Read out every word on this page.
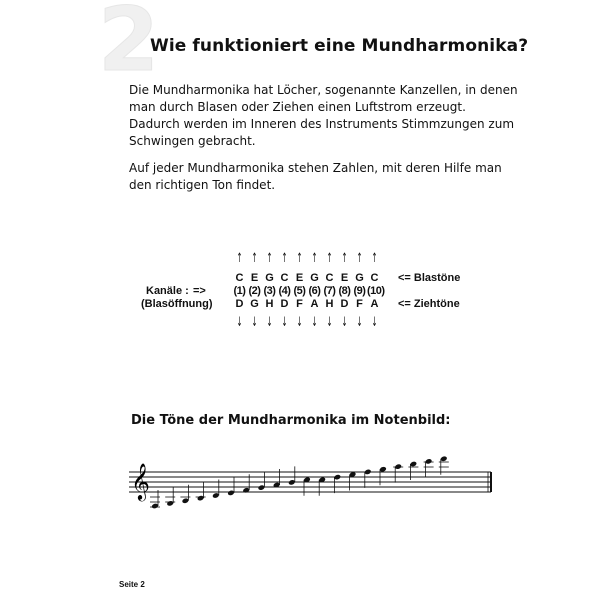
2
Wie funktioniert eine Mundharmonika?
Die Mundharmonika hat Löcher, sogenannte Kanzellen, in denen
man durch Blasen oder Ziehen einen Luftstrom erzeugt.
Dadurch werden im Inneren des Instruments Stimmzungen zum
Schwingen gebracht.
Auf jeder Mundharmonika stehen Zahlen, mit deren Hilfe man
den richtigen Ton findet.
↑ ↑ ↑ ↑ ↑ ↑ ↑ ↑ ↑ ↑
C E G C E G C E G C
(1) (2) (3) (4) (5) (6) (7) (8) (9) (10)
D G H D F A H D F A
↓ ↓ ↓ ↓ ↓ ↓ ↓ ↓ ↓ ↓
Kanäle : =>
(Blasöffnung)
<= Blastöne
<= Ziehtöne
Die Töne der Mundharmonika im Notenbild:
𝄞
Seite 2
